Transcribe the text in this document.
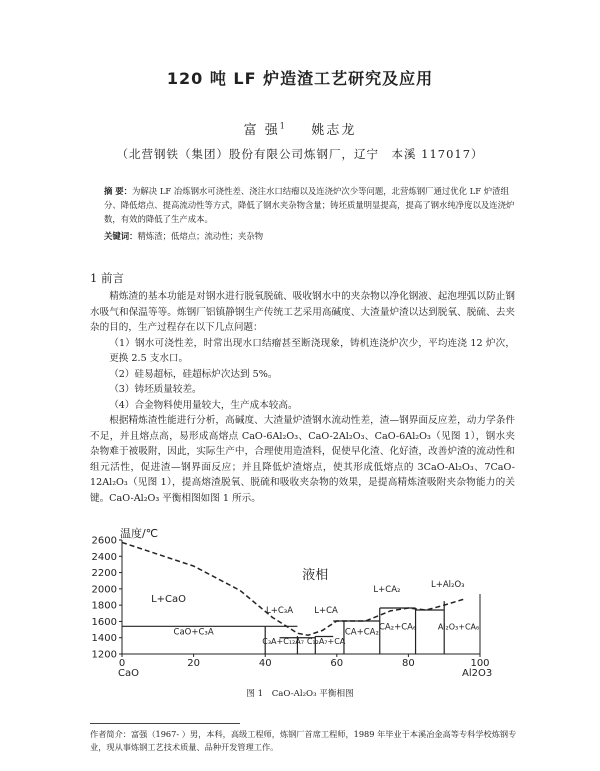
120 吨 LF 炉造渣工艺研究及应用
富 强$^1$ 姚志龙
（北营钢铁（集团）股份有限公司炼钢厂，辽宁　本溪 117017）
摘 要：为解决 LF 冶炼钢水可浇性差、浇注水口结瘤以及连浇炉次少等问题，北营炼钢厂通过优化 LF 炉渣组分、降低熔点、提高流动性等方式，降低了钢水夹杂物含量；铸坯质量明显提高，提高了钢水纯净度以及连浇炉数，有效的降低了生产成本。
关键词：精炼渣；低熔点；流动性；夹杂物
1 前言

精炼渣的基本功能是对钢水进行脱氧脱硫、吸收钢水中的夹杂物以净化钢液、起泡埋弧以防止钢水吸气和保温等等。炼钢厂铝镇静钢生产传统工艺采用高碱度、大渣量炉渣以达到脱氧、脱硫、去夹杂的目的，生产过程存在以下几点问题：

（1）钢水可浇性差，时常出现水口结瘤甚至断浇现象，铸机连浇炉次少，平均连浇 12 炉次，更换 2.5 支水口。

（2）硅易超标，硅超标炉次达到 5%。

（3）铸坯质量较差。

（4）合金物料使用量较大，生产成本较高。

根据精炼渣性能进行分析，高碱度、大渣量炉渣钢水流动性差，渣—钢界面反应差，动力学条件不足，并且熔点高，易形成高熔点 CaO-6Al₂O₃、CaO-2Al₂O₃、CaO-6Al₂O₃（见图 1），钢水夹杂物难于被吸附，因此，实际生产中，合理使用造渣料，促使早化渣、化好渣，改善炉渣的流动性和组元活性，促进渣—钢界面反应；并且降低炉渣熔点，使其形成低熔点的 3CaO-Al₂O₃、7CaO-12Al₂O₃（见图 1），提高熔渣脱氧、脱硫和吸收夹杂物的效果，是提高精炼渣吸附夹杂物能力的关键。CaO-Al₂O₃ 平衡相图如图 1 所示。

2600
2400
2200
2000
1800
1600
1400
1200
0	20	40	60	80	100
温度/℃
CaO	Al2O3
液相
L+CaO
L+C₃A L+CA
L+CA₂
L+Al₂O₃
CaO+C₃A
C₃A+C₁₂A₇ C₁₂A₇+CA
CA+CA₂ CA₂+CA₆	Al₂O₃+CA₆
图 1　CaO-Al₂O₃ 平衡相图
作者简介：富强（1967- ）男，本科，高级工程师，炼钢厂首席工程师，1989 年毕业于本溪冶金高等专科学校炼钢专业，现从事炼钢工艺技术质量、品种开发管理工作。
